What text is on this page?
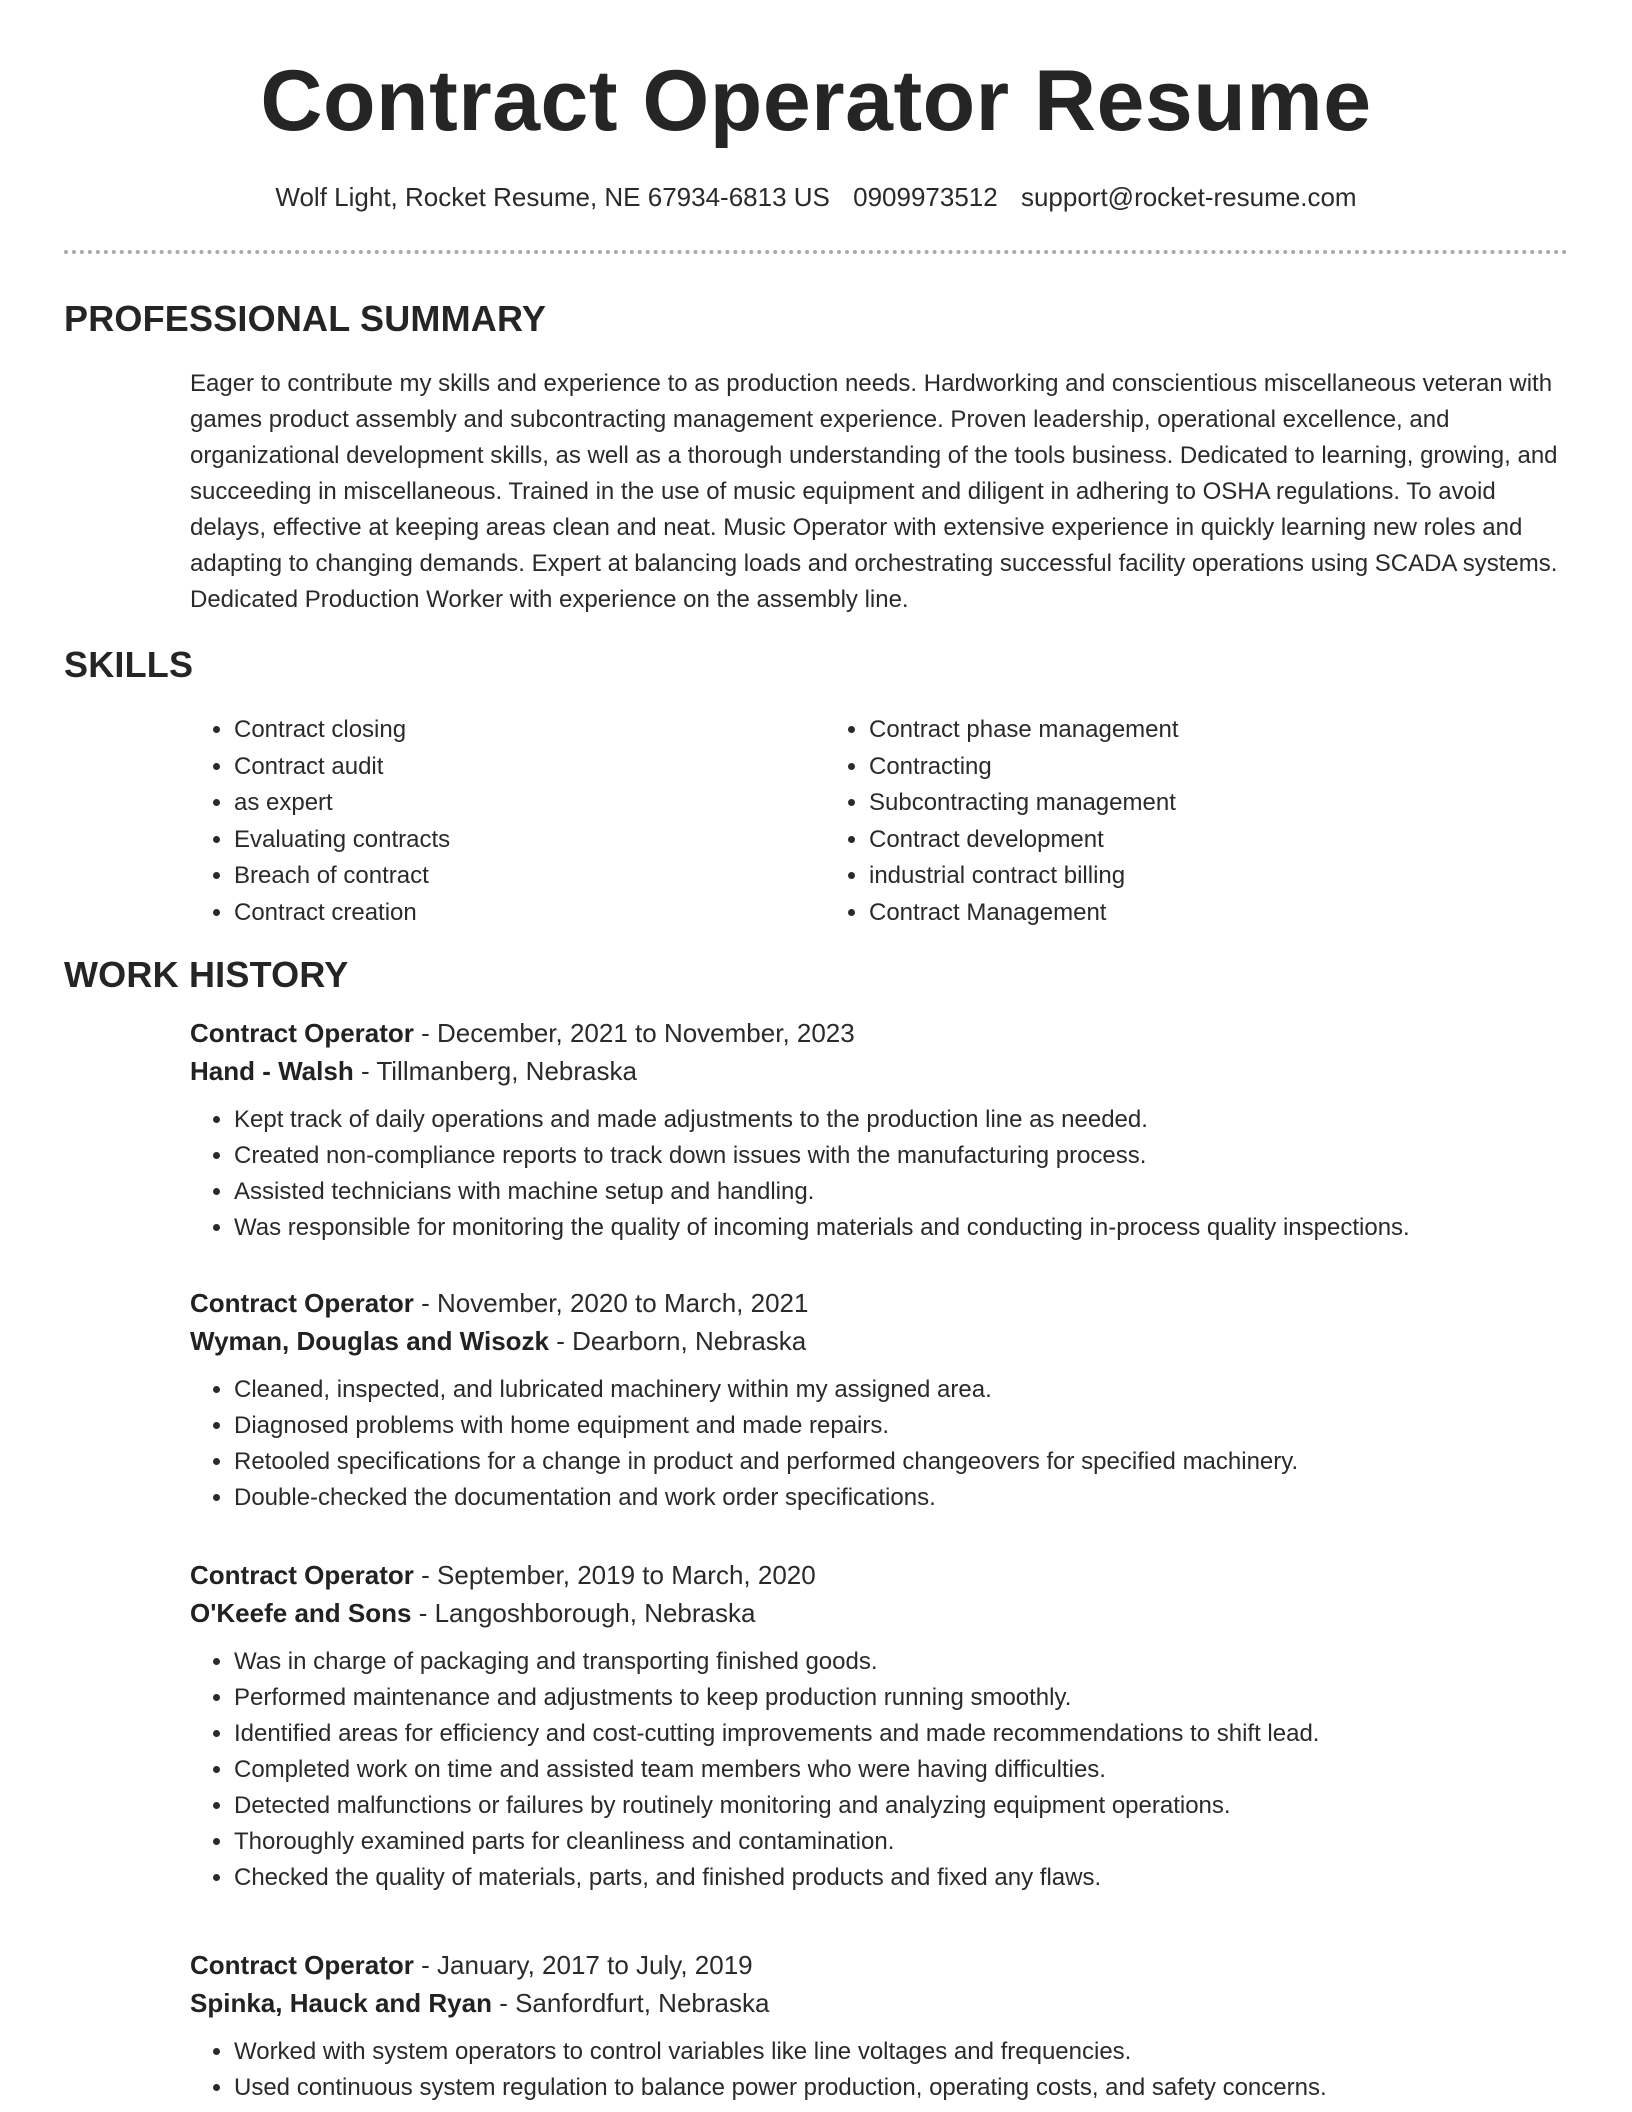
Contract Operator Resume
Wolf Light, Rocket Resume, NE 67934-6813 US 0909973512 support@rocket-resume.com
PROFESSIONAL SUMMARY

Eager to contribute my skills and experience to as production needs. Hardworking and conscientious miscellaneous veteran with games product assembly and subcontracting management experience. Proven leadership, operational excellence, and organizational development skills, as well as a thorough understanding of the tools business. Dedicated to learning, growing, and succeeding in miscellaneous. Trained in the use of music equipment and diligent in adhering to OSHA regulations. To avoid delays, effective at keeping areas clean and neat. Music Operator with extensive experience in quickly learning new roles and adapting to changing demands. Expert at balancing loads and orchestrating successful facility operations using SCADA systems. Dedicated Production Worker with experience on the assembly line.

SKILLS
• Contract closing
• Contract audit
• as expert
• Evaluating contracts
• Breach of contract
• Contract creation
• Contract phase management
• Contracting
• Subcontracting management
• Contract development
• industrial contract billing
• Contract Management
WORK HISTORY
Contract Operator - December, 2021 to November, 2023
Hand - Walsh - Tillmanberg, Nebraska
• Kept track of daily operations and made adjustments to the production line as needed.
• Created non-compliance reports to track down issues with the manufacturing process.
• Assisted technicians with machine setup and handling.
• Was responsible for monitoring the quality of incoming materials and conducting in-process quality inspections.
Contract Operator - November, 2020 to March, 2021
Wyman, Douglas and Wisozk - Dearborn, Nebraska
• Cleaned, inspected, and lubricated machinery within my assigned area.
• Diagnosed problems with home equipment and made repairs.
• Retooled specifications for a change in product and performed changeovers for specified machinery.
• Double-checked the documentation and work order specifications.
Contract Operator - September, 2019 to March, 2020
O'Keefe and Sons - Langoshborough, Nebraska
• Was in charge of packaging and transporting finished goods.
• Performed maintenance and adjustments to keep production running smoothly.
• Identified areas for efficiency and cost-cutting improvements and made recommendations to shift lead.
• Completed work on time and assisted team members who were having difficulties.
• Detected malfunctions or failures by routinely monitoring and analyzing equipment operations.
• Thoroughly examined parts for cleanliness and contamination.
• Checked the quality of materials, parts, and finished products and fixed any flaws.
Contract Operator - January, 2017 to July, 2019
Spinka, Hauck and Ryan - Sanfordfurt, Nebraska
• Worked with system operators to control variables like line voltages and frequencies.
• Used continuous system regulation to balance power production, operating costs, and safety concerns.
